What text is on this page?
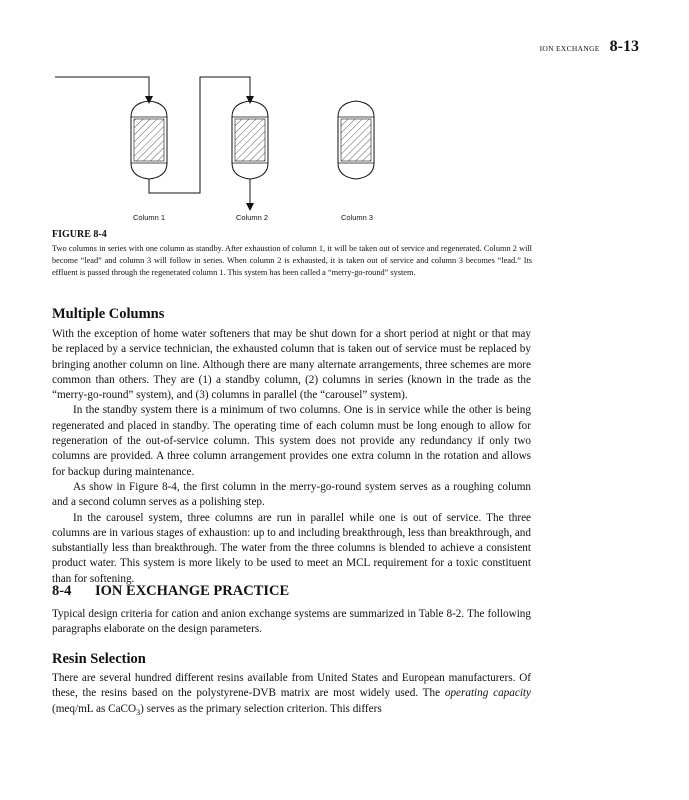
ION EXCHANGE 8-13
Column 1	Column 2	Column 3
FIGURE 8-4
Two columns in series with one column as standby. After exhaustion of column 1, it will be taken out of service and regenerated. Column 2 will become “lead” and column 3 will follow in series. When column 2 is exhausted, it is taken out of service and column 3 becomes “lead.” Its effluent is passed through the regenerated column 1. This system has been called a “merry-go-round” system.
Multiple Columns

With the exception of home water softeners that may be shut down for a short period at night or that may be replaced by a service technician, the exhausted column that is taken out of service must be replaced by bringing another column on line. Although there are many alternate arrangements, three schemes are more common than others. They are (1) a standby column, (2) columns in series (known in the trade as the “merry-go-round” system), and (3) columns in parallel (the “carousel” system).

In the standby system there is a minimum of two columns. One is in service while the other is being regenerated and placed in standby. The operating time of each column must be long enough to allow for regeneration of the out-of-service column. This system does not provide any redundancy if only two columns are provided. A three column arrangement provides one extra column in the rotation and allows for backup during maintenance.

As show in Figure 8-4, the first column in the merry-go-round system serves as a roughing column and a second column serves as a polishing step.

In the carousel system, three columns are run in parallel while one is out of service. The three columns are in various stages of exhaustion: up to and including breakthrough, less than breakthrough, and substantially less than breakthrough. The water from the three columns is blended to achieve a consistent product water. This system is more likely to be used to meet an MCL requirement for a toxic constituent than for softening.

8-4	ION EXCHANGE PRACTICE

Typical design criteria for cation and anion exchange systems are summarized in Table 8-2. The following paragraphs elaborate on the design parameters.

Resin Selection

There are several hundred different resins available from United States and European manufacturers. Of these, the resins based on the polystyrene-DVB matrix are most widely used. The operating capacity (meq/mL as CaCO$_3$) serves as the primary selection criterion. This differs
